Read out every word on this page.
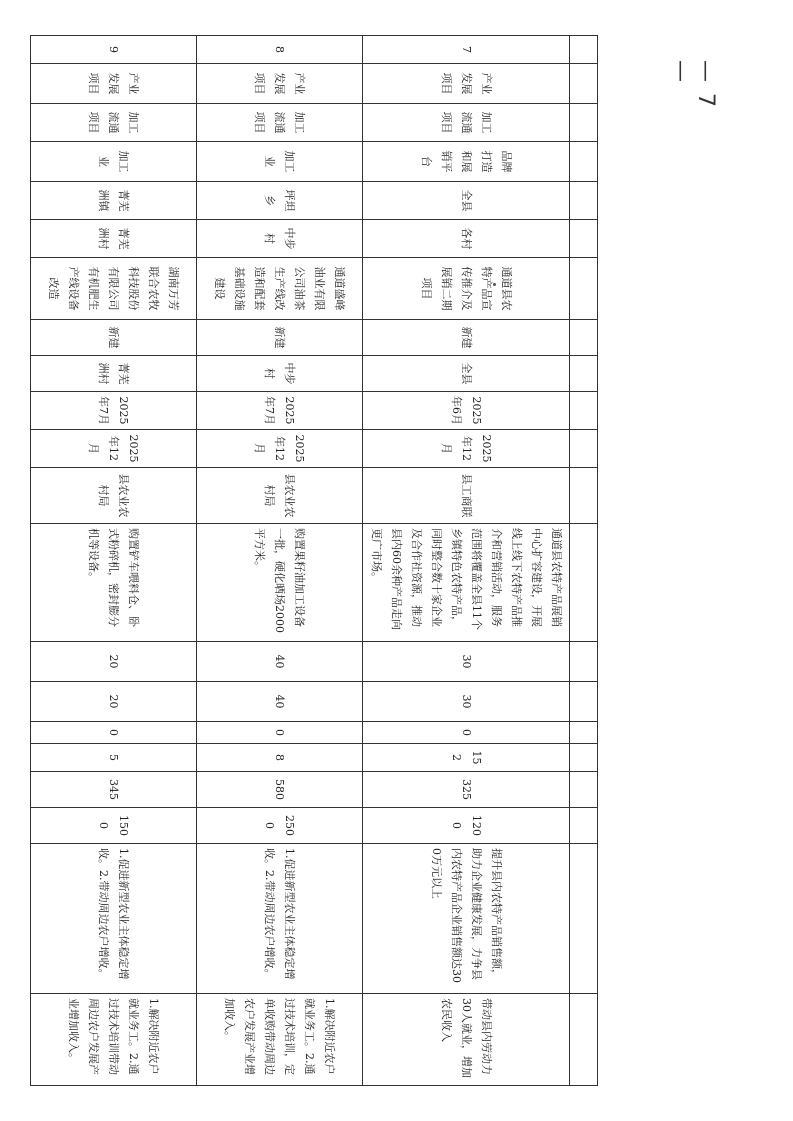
7	产业发展项目	加工流通项目	品牌打造和展销平台	全县	各村	通道县农特产品宣传推介及展销二期项目	新建	全县	2025年6月	2025年12月	县工商联	通道县农特产品展销中心扩容建设，开展线上线下农特产品推介和营销活动，服务范围将覆盖全县11个乡镇特色农特产品，同时整合数十家企业及合作社资源，推动县内60余种产品走向更广市场。	30	30	0	152	325	1200	提升县内农特产品销售额，助力企业健康发展，力争县内农特产品企业销售额达300万元以上	带动县内劳动力30人就业，增加农民收入
8	产业发展项目	加工流通项目	加工业	坪坦乡	中步村	通道盛峰油业有限公司油茶生产线改造和配套基础设施建设	新建	中步村	2025年7月	2025年12月	县农业农村局	购置果籽油加工设备一批，硬化晒场2000平方米。	40	40	0	8	580	2500	1.促进新型农业主体稳定增收。2.带动周边农户增收。	1.解决附近农户就业务工。2.通过技术培训，定单收购带动周边农户发展产业增加收入。
9	产业发展项目	加工流通项目	加工业	菁芜洲镇	菁芜洲村	湖南万芳联合农牧科技股份有限公司有机肥生产线设备改造	新建	菁芜洲村	2025年7月	2025年12月	县农业农村局	购置铲车喂料仓、卧式粉碎机，密封膨分机等设备。	20	20	0	5	345	1500	1.促进新型农业主体稳定增收。2.带动周边农户增收。	1.解决附近农户就业务工。2.通过技术培训带动周边农户发展产业增加收入。
— 7 —
